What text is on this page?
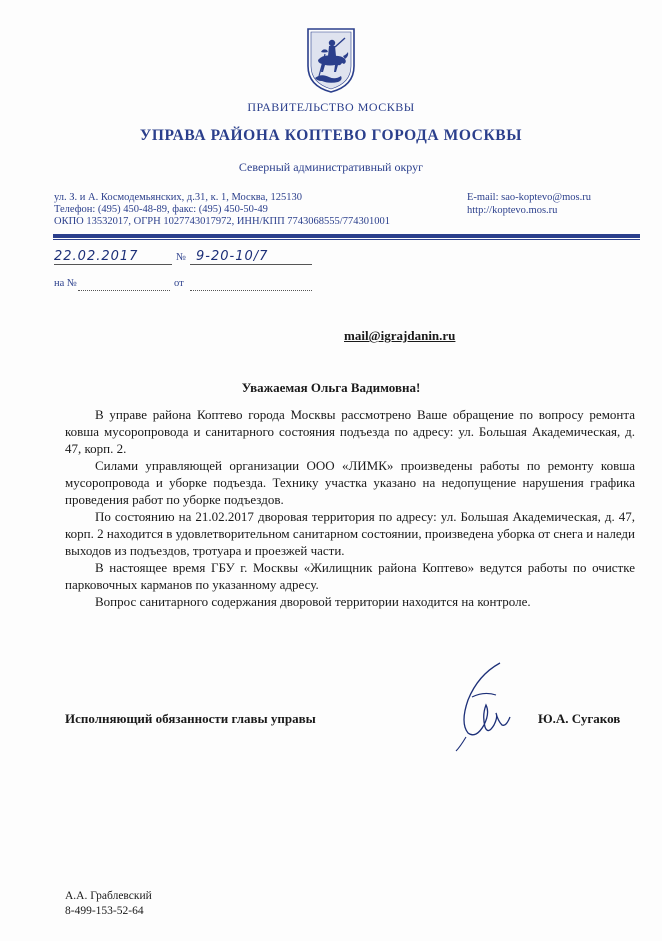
ПРАВИТЕЛЬСТВО МОСКВЫ
УПРАВА РАЙОНА КОПТЕВО ГОРОДА МОСКВЫ
Северный административный округ
ул. З. и А. Космодемьянских, д.31, к. 1, Москва, 125130
Телефон: (495) 450-48-89, факс: (495) 450-50-49
ОКПО 13532017, ОГРН 1027743017972, ИНН/КПП 7743068555/774301001
E-mail: sao-koptevo@mos.ru
http://koptevo.mos.ru
22.02.2017	№ 9-20-10/7
на №	от
mail@igrajdanin.ru
Уважаемая Ольга Вадимовна!

В управе района Коптево города Москвы рассмотрено Ваше обращение по вопросу ремонта ковша мусоропровода и санитарного состояния подъезда по адресу: ул. Большая Академическая, д. 47, корп. 2.

Силами управляющей организации ООО «ЛИМК» произведены работы по ремонту ковша мусоропровода и уборке подъезда. Технику участка указано на недопущение нарушения графика проведения работ по уборке подъездов.

По состоянию на 21.02.2017 дворовая территория по адресу: ул. Большая Академическая, д. 47, корп. 2 находится в удовлетворительном санитарном состоянии, произведена уборка от снега и наледи выходов из подъездов, тротуара и проезжей части.

В настоящее время ГБУ г. Москвы «Жилищник района Коптево» ведутся работы по очистке парковочных карманов по указанному адресу.

Вопрос санитарного содержания дворовой территории находится на контроле.

Исполняющий обязанности главы управы	Ю.А. Сугаков
А.А. Граблевский
8-499-153-52-64
